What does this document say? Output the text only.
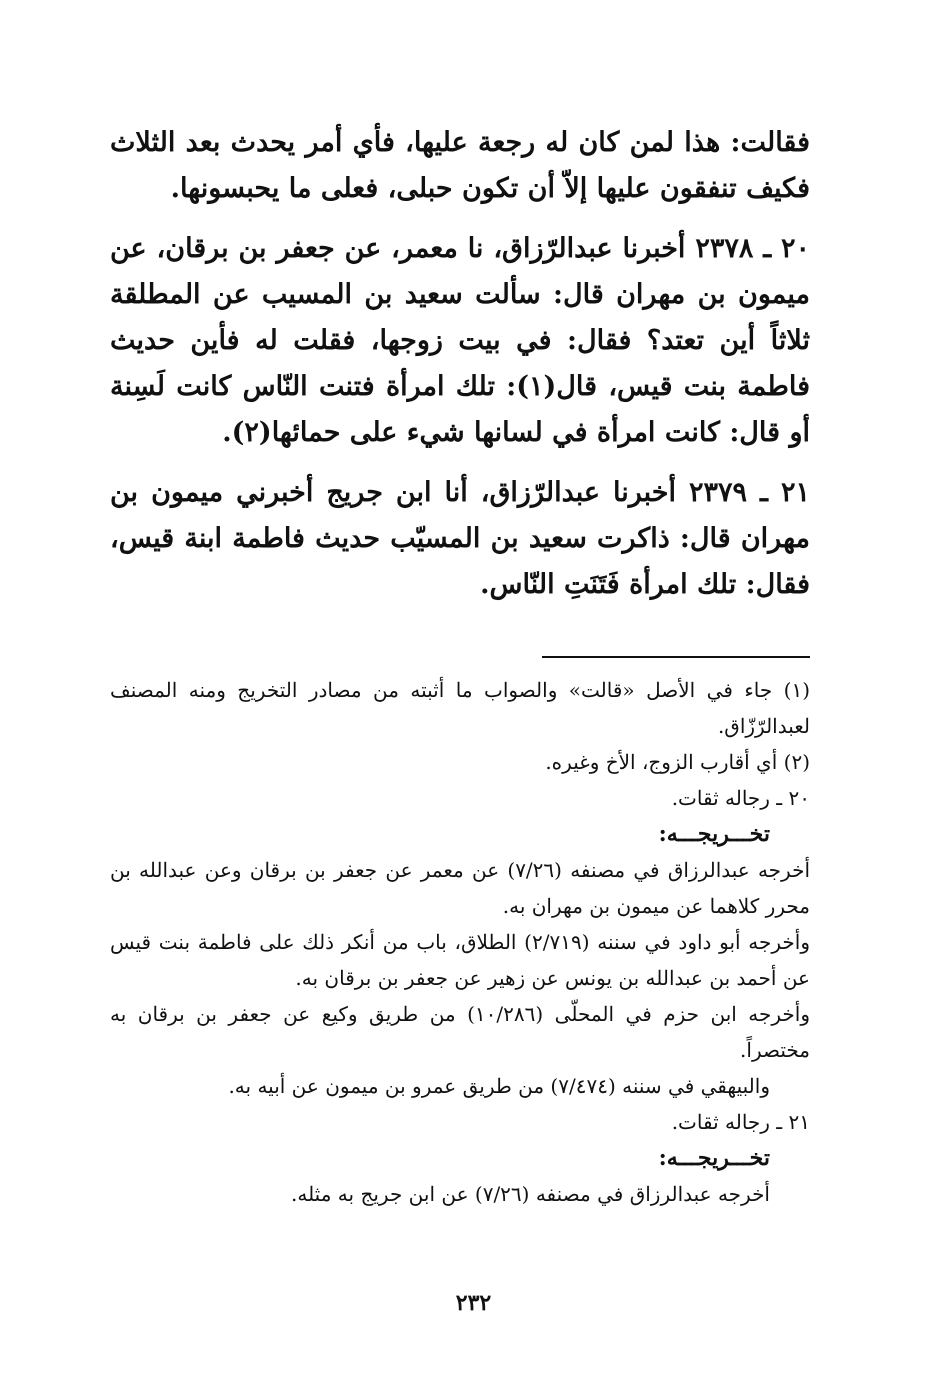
فقالت: هذا لمن كان له رجعة عليها، فأي أمر يحدث بعد الثلاث فكيف تنفقون عليها إلاّ أن تكون حبلى، فعلى ما يحبسونها.

٢٠ ـ ٢٣٧٨ أخبرنا عبدالرّزاق، نا معمر، عن جعفر بن برقان، عن ميمون بن مهران قال: سألت سعيد بن المسيب عن المطلقة ثلاثاً أين تعتد؟ فقال: في بيت زوجها، فقلت له فأين حديث فاطمة بنت قيس، قال(١): تلك امرأة فتنت النّاس كانت لَسِنة أو قال: كانت امرأة في لسانها شيء على حمائها(٢).

٢١ ـ ٢٣٧٩ أخبرنا عبدالرّزاق، أنا ابن جريج أخبرني ميمون بن مهران قال: ذاكرت سعيد بن المسيّب حديث فاطمة ابنة قيس، فقال: تلك امرأة فَتَنَتِ النّاس.

(١) جاء في الأصل «قالت» والصواب ما أثبته من مصادر التخريج ومنه المصنف لعبدالرّزّاق.

(٢) أي أقارب الزوج، الأخ وغيره.

٢٠ ـ رجاله ثقات.

تخـــريجـــه:

أخرجه عبدالرزاق في مصنفه (٧/٢٦) عن معمر عن جعفر بن برقان وعن عبدالله بن محرر كلاهما عن ميمون بن مهران به.

وأخرجه أبو داود في سننه (٢/٧١٩) الطلاق، باب من أنكر ذلك على فاطمة بنت قيس عن أحمد بن عبدالله بن يونس عن زهير عن جعفر بن برقان به.

وأخرجه ابن حزم في المحلّى (١٠/٢٨٦) من طريق وكيع عن جعفر بن برقان به مختصراً.

والبيهقي في سننه (٧/٤٧٤) من طريق عمرو بن ميمون عن أبيه به.

٢١ ـ رجاله ثقات.

تخـــريجـــه:

أخرجه عبدالرزاق في مصنفه (٧/٢٦) عن ابن جريج به مثله.

٢٣٢
